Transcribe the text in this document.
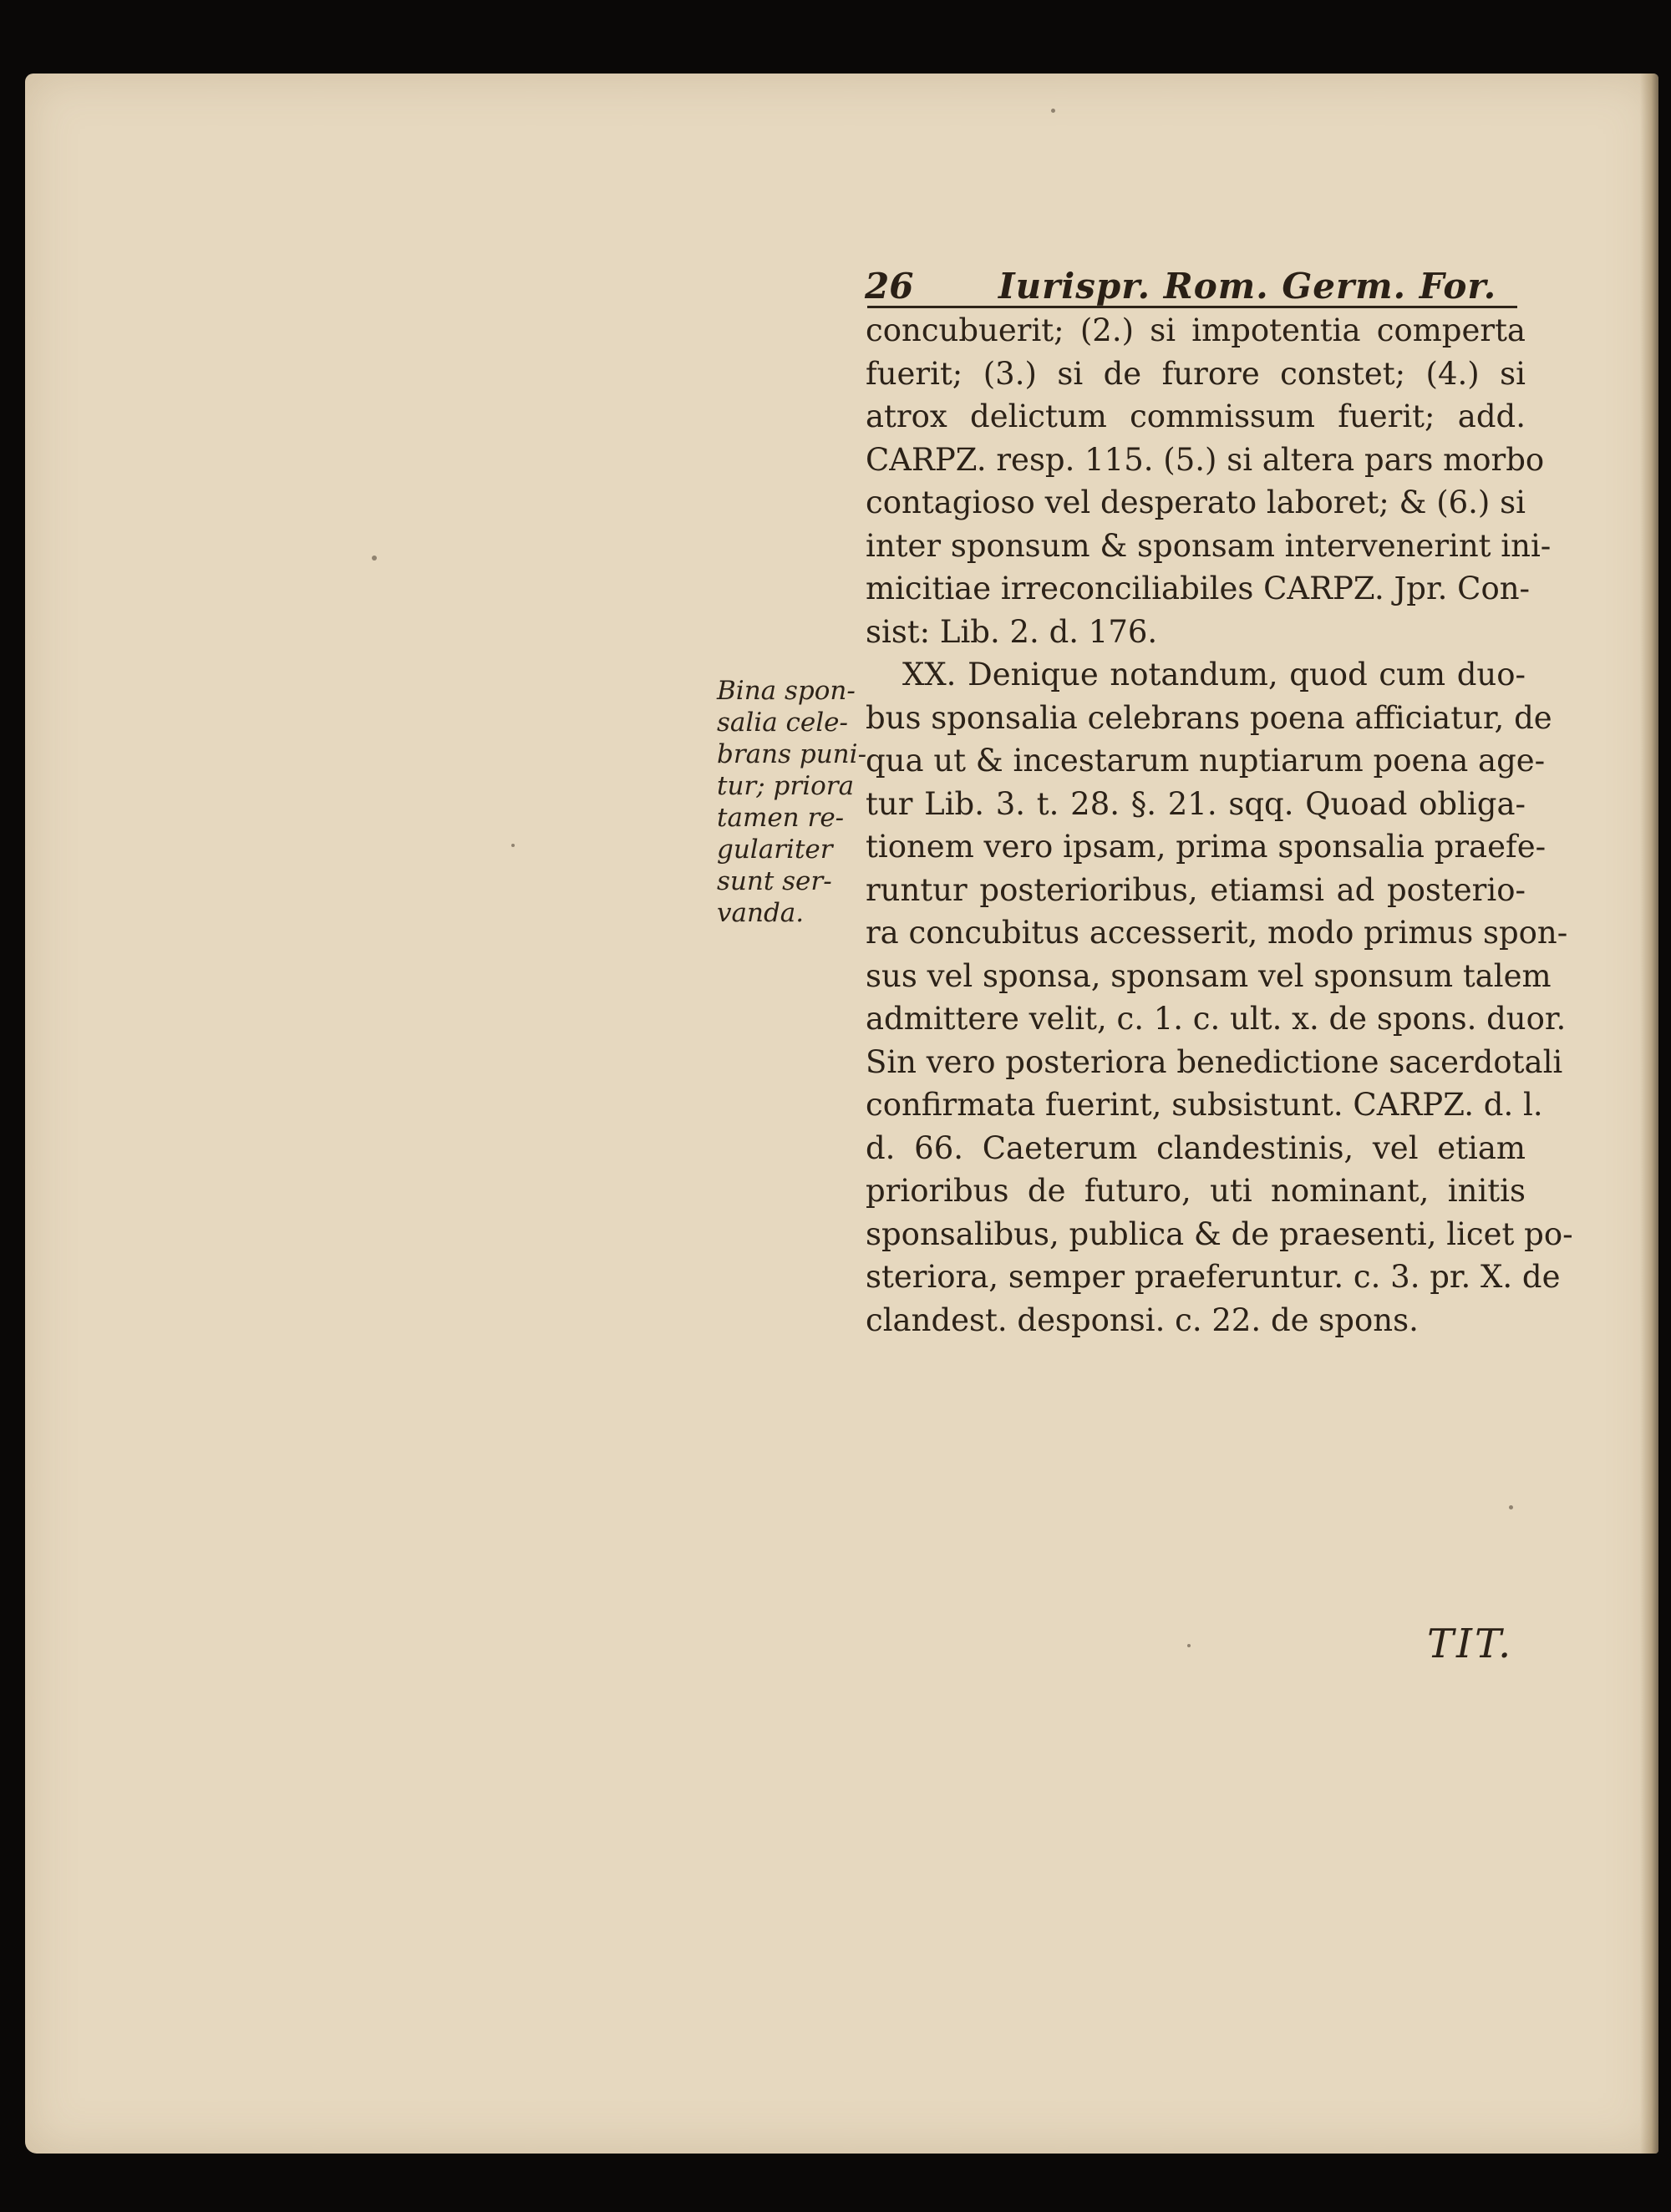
26 Iurispr. Rom. Germ. For.
concubuerit; (2.) si impotentia comperta
fuerit; (3.) si de furore constet; (4.) si
atrox delictum commissum fuerit; add.
CARPZ. resp. 115. (5.) si altera pars morbo
contagioso vel desperato laboret; & (6.) si
inter sponsum & sponsam intervenerint ini-
micitiae irreconciliabiles CARPZ. Jpr. Con-
sist: Lib. 2. d. 176.
XX. Denique notandum, quod cum duo-
bus sponsalia celebrans poena afficiatur, de
qua ut & incestarum nuptiarum poena age-
tur Lib. 3. t. 28. §. 21. sqq. Quoad obliga-
tionem vero ipsam, prima sponsalia praefe-
runtur posterioribus, etiamsi ad posterio-
ra concubitus accesserit, modo primus spon-
sus vel sponsa, sponsam vel sponsum talem
admittere velit, c. 1. c. ult. x. de spons. duor.
Sin vero posteriora benedictione sacerdotali
confirmata fuerint, subsistunt. CARPZ. d. l.
d. 66. Caeterum clandestinis, vel etiam
prioribus de futuro, uti nominant, initis
sponsalibus, publica & de praesenti, licet po-
steriora, semper praeferuntur. c. 3. pr. X. de
clandest. desponsi. c. 22. de spons.
Bina spon-
salia cele-
brans puni-
tur; priora
tamen re-
gulariter
sunt ser-
vanda.
TIT.
